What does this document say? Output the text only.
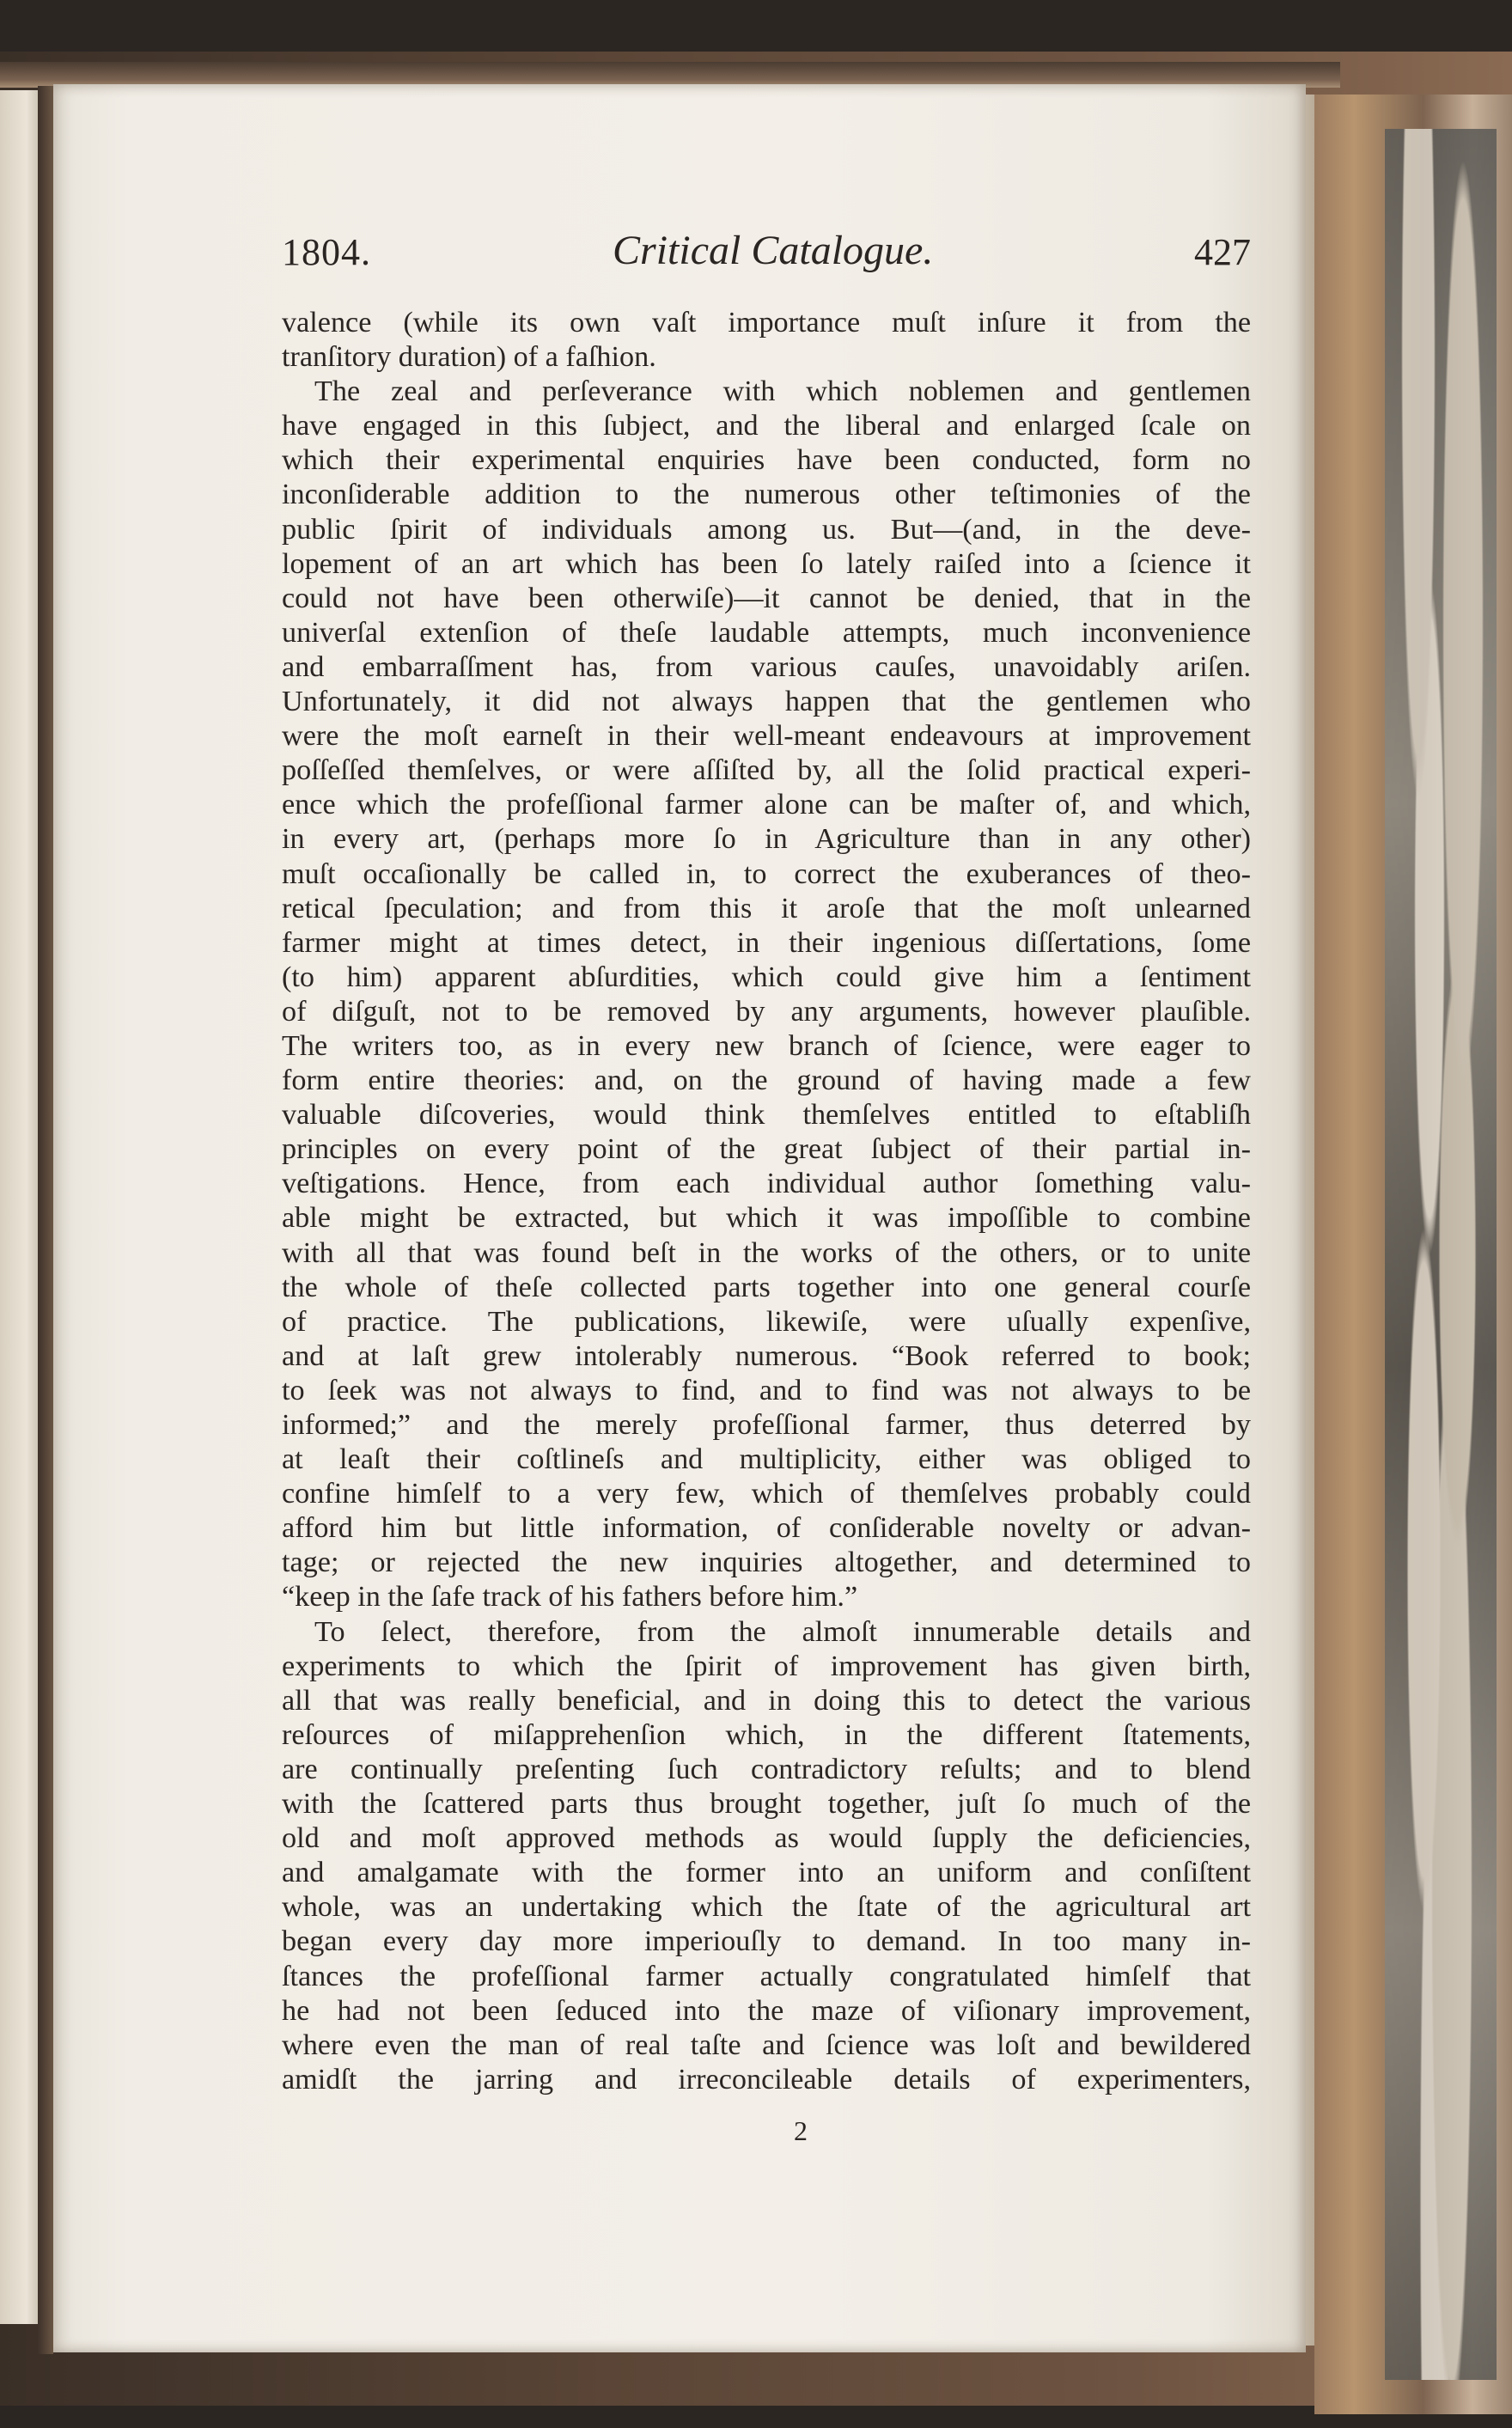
1804.	Critical Catalogue.	427
valence (while its own vaſt importance muſt inſure it from the
tranſitory duration) of a faſhion.
The zeal and perſeverance with which noblemen and gentlemen
have engaged in this ſubject, and the liberal and enlarged ſcale on
which their experimental enquiries have been conducted, form no
inconſiderable addition to the numerous other teſtimonies of the
public ſpirit of individuals among us. But—(and, in the deve-
lopement of an art which has been ſo lately raiſed into a ſcience it
could not have been otherwiſe)—it cannot be denied, that in the
univerſal extenſion of theſe laudable attempts, much inconvenience
and embarraſſment has, from various cauſes, unavoidably ariſen.
Unfortunately, it did not always happen that the gentlemen who
were the moſt earneſt in their well-meant endeavours at improvement
poſſeſſed themſelves, or were aſſiſted by, all the ſolid practical experi-
ence which the profeſſional farmer alone can be maſter of, and which,
in every art, (perhaps more ſo in Agriculture than in any other)
muſt occaſionally be called in, to correct the exuberances of theo-
retical ſpeculation; and from this it aroſe that the moſt unlearned
farmer might at times detect, in their ingenious diſſertations, ſome
(to him) apparent abſurdities, which could give him a ſentiment
of diſguſt, not to be removed by any arguments, however plauſible.
The writers too, as in every new branch of ſcience, were eager to
form entire theories: and, on the ground of having made a few
valuable diſcoveries, would think themſelves entitled to eſtabliſh
principles on every point of the great ſubject of their partial in-
veſtigations. Hence, from each individual author ſomething valu-
able might be extracted, but which it was impoſſible to combine
with all that was found beſt in the works of the others, or to unite
the whole of theſe collected parts together into one general courſe
of practice. The publications, likewiſe, were uſually expenſive,
and at laſt grew intolerably numerous. “Book referred to book;
to ſeek was not always to find, and to find was not always to be
informed;” and the merely profeſſional farmer, thus deterred by
at leaſt their coſtlineſs and multiplicity, either was obliged to
confine himſelf to a very few, which of themſelves probably could
afford him but little information, of conſiderable novelty or advan-
tage; or rejected the new inquiries altogether, and determined to
“keep in the ſafe track of his fathers before him.”
To ſelect, therefore, from the almoſt innumerable details and
experiments to which the ſpirit of improvement has given birth,
all that was really beneficial, and in doing this to detect the various
reſources of miſapprehenſion which, in the different ſtatements,
are continually preſenting ſuch contradictory reſults; and to blend
with the ſcattered parts thus brought together, juſt ſo much of the
old and moſt approved methods as would ſupply the deficiencies,
and amalgamate with the former into an uniform and conſiſtent
whole, was an undertaking which the ſtate of the agricultural art
began every day more imperiouſly to demand. In too many in-
ſtances the profeſſional farmer actually congratulated himſelf that
he had not been ſeduced into the maze of viſionary improvement,
where even the man of real taſte and ſcience was loſt and bewildered
amidſt the jarring and irreconcileable details of experimenters,
2
